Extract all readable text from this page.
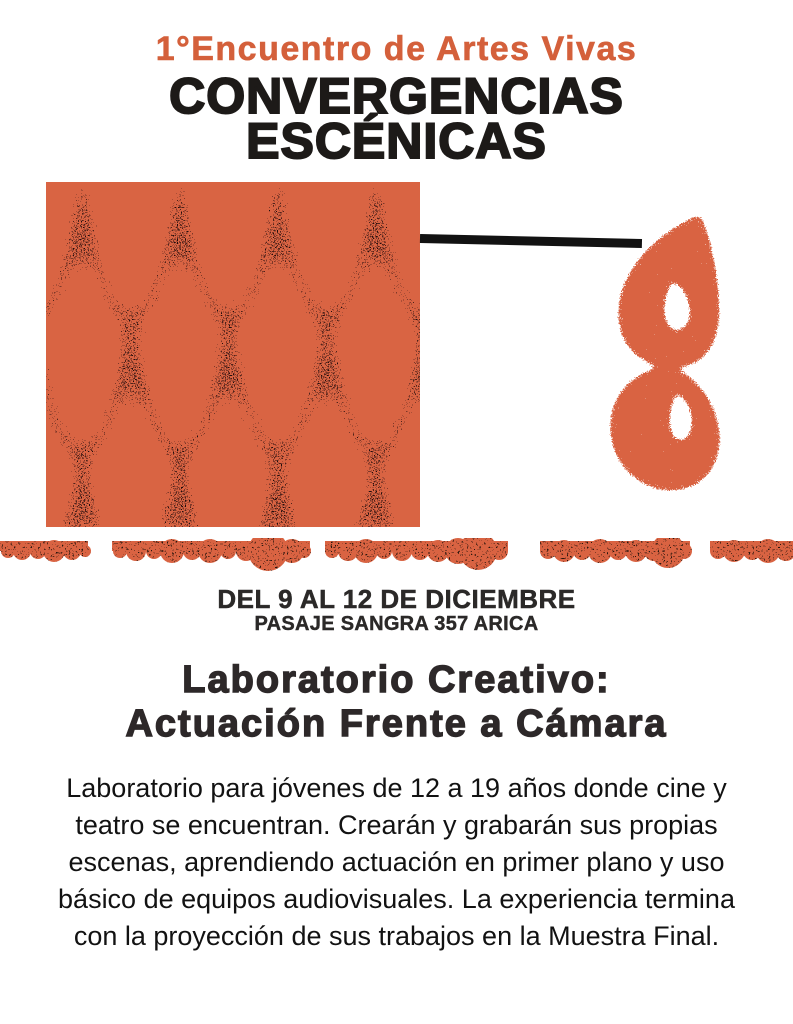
1°Encuentro de Artes Vivas
CONVERGENCIAS
ESCÉNICAS
DEL 9 AL 12 DE DICIEMBRE
PASAJE SANGRA 357 ARICA
Laboratorio Creativo:
Actuación Frente a Cámara
Laboratorio para jóvenes de 12 a 19 años donde cine y teatro se encuentran. Crearán y grabarán sus propias escenas, aprendiendo actuación en primer plano y uso básico de equipos audiovisuales. La experiencia termina con la proyección de sus trabajos en la Muestra Final.
